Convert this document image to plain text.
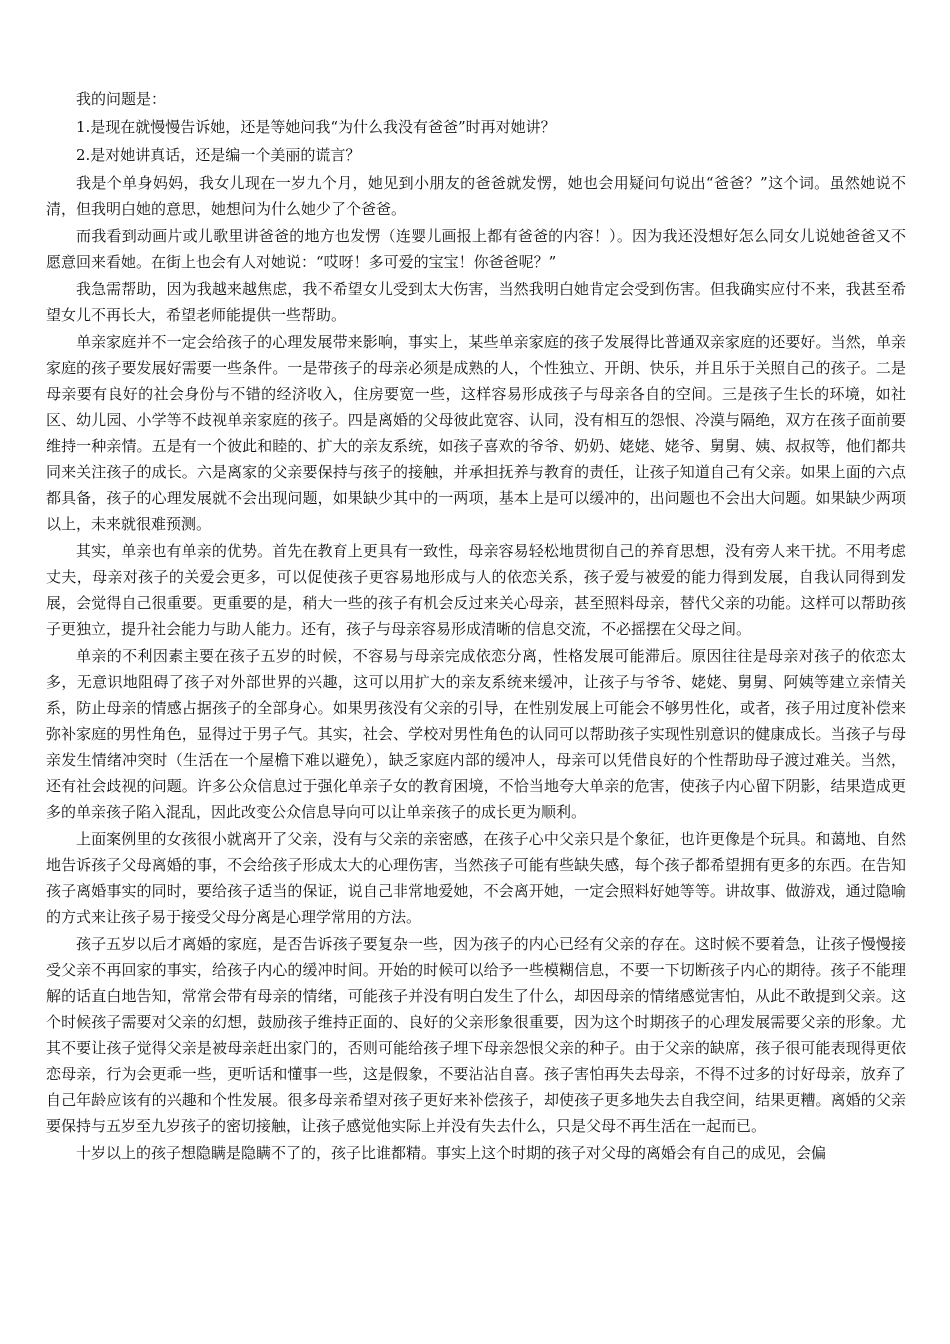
我的问题是：

1.是现在就慢慢告诉她，还是等她问我“为什么我没有爸爸”时再对她讲？

2.是对她讲真话，还是编一个美丽的谎言？

我是个单身妈妈，我女儿现在一岁九个月，她见到小朋友的爸爸就发愣，她也会用疑问句说出“爸爸？”这个词。虽然她说不清，但我明白她的意思，她想问为什么她少了个爸爸。

而我看到动画片或儿歌里讲爸爸的地方也发愣（连婴儿画报上都有爸爸的内容！）。因为我还没想好怎么同女儿说她爸爸又不愿意回来看她。在街上也会有人对她说：“哎呀！多可爱的宝宝！你爸爸呢？”

我急需帮助，因为我越来越焦虑，我不希望女儿受到太大伤害，当然我明白她肯定会受到伤害。但我确实应付不来，我甚至希望女儿不再长大，希望老师能提供一些帮助。

单亲家庭并不一定会给孩子的心理发展带来影响，事实上，某些单亲家庭的孩子发展得比普通双亲家庭的还要好。当然，单亲家庭的孩子要发展好需要一些条件。一是带孩子的母亲必须是成熟的人，个性独立、开朗、快乐，并且乐于关照自己的孩子。二是母亲要有良好的社会身份与不错的经济收入，住房要宽一些，这样容易形成孩子与母亲各自的空间。三是孩子生长的环境，如社区、幼儿园、小学等不歧视单亲家庭的孩子。四是离婚的父母彼此宽容、认同，没有相互的怨恨、冷漠与隔绝，双方在孩子面前要维持一种亲情。五是有一个彼此和睦的、扩大的亲友系统，如孩子喜欢的爷爷、奶奶、姥姥、姥爷、舅舅、姨、叔叔等，他们都共同来关注孩子的成长。六是离家的父亲要保持与孩子的接触，并承担抚养与教育的责任，让孩子知道自己有父亲。如果上面的六点都具备，孩子的心理发展就不会出现问题，如果缺少其中的一两项，基本上是可以缓冲的，出问题也不会出大问题。如果缺少两项以上，未来就很难预测。

其实，单亲也有单亲的优势。首先在教育上更具有一致性，母亲容易轻松地贯彻自己的养育思想，没有旁人来干扰。不用考虑丈夫，母亲对孩子的关爱会更多，可以促使孩子更容易地形成与人的依恋关系，孩子爱与被爱的能力得到发展，自我认同得到发展，会觉得自己很重要。更重要的是，稍大一些的孩子有机会反过来关心母亲，甚至照料母亲，替代父亲的功能。这样可以帮助孩子更独立，提升社会能力与助人能力。还有，孩子与母亲容易形成清晰的信息交流，不必摇摆在父母之间。

单亲的不利因素主要在孩子五岁的时候，不容易与母亲完成依恋分离，性格发展可能滞后。原因往往是母亲对孩子的依恋太多，无意识地阻碍了孩子对外部世界的兴趣，这可以用扩大的亲友系统来缓冲，让孩子与爷爷、姥姥、舅舅、阿姨等建立亲情关系，防止母亲的情感占据孩子的全部身心。如果男孩没有父亲的引导，在性别发展上可能会不够男性化，或者，孩子用过度补偿来弥补家庭的男性角色，显得过于男子气。其实，社会、学校对男性角色的认同可以帮助孩子实现性别意识的健康成长。当孩子与母亲发生情绪冲突时（生活在一个屋檐下难以避免），缺乏家庭内部的缓冲人，母亲可以凭借良好的个性帮助母子渡过难关。当然，还有社会歧视的问题。许多公众信息过于强化单亲子女的教育困境，不恰当地夸大单亲的危害，使孩子内心留下阴影，结果造成更多的单亲孩子陷入混乱，因此改变公众信息导向可以让单亲孩子的成长更为顺利。

上面案例里的女孩很小就离开了父亲，没有与父亲的亲密感，在孩子心中父亲只是个象征，也许更像是个玩具。和蔼地、自然地告诉孩子父母离婚的事，不会给孩子形成太大的心理伤害，当然孩子可能有些缺失感，每个孩子都希望拥有更多的东西。在告知孩子离婚事实的同时，要给孩子适当的保证，说自己非常地爱她，不会离开她，一定会照料好她等等。讲故事、做游戏，通过隐喻的方式来让孩子易于接受父母分离是心理学常用的方法。

孩子五岁以后才离婚的家庭，是否告诉孩子要复杂一些，因为孩子的内心已经有父亲的存在。这时候不要着急，让孩子慢慢接受父亲不再回家的事实，给孩子内心的缓冲时间。开始的时候可以给予一些模糊信息，不要一下切断孩子内心的期待。孩子不能理解的话直白地告知，常常会带有母亲的情绪，可能孩子并没有明白发生了什么，却因母亲的情绪感觉害怕，从此不敢提到父亲。这个时候孩子需要对父亲的幻想，鼓励孩子维持正面的、良好的父亲形象很重要，因为这个时期孩子的心理发展需要父亲的形象。尤其不要让孩子觉得父亲是被母亲赶出家门的，否则可能给孩子埋下母亲怨恨父亲的种子。由于父亲的缺席，孩子很可能表现得更依恋母亲，行为会更乖一些，更听话和懂事一些，这是假象，不要沾沾自喜。孩子害怕再失去母亲，不得不过多的讨好母亲，放弃了自己年龄应该有的兴趣和个性发展。很多母亲希望对孩子更好来补偿孩子，却使孩子更多地失去自我空间，结果更糟。离婚的父亲要保持与五岁至九岁孩子的密切接触，让孩子感觉他实际上并没有失去什么，只是父母不再生活在一起而已。

十岁以上的孩子想隐瞒是隐瞒不了的，孩子比谁都精。事实上这个时期的孩子对父母的离婚会有自己的成见，会偏
